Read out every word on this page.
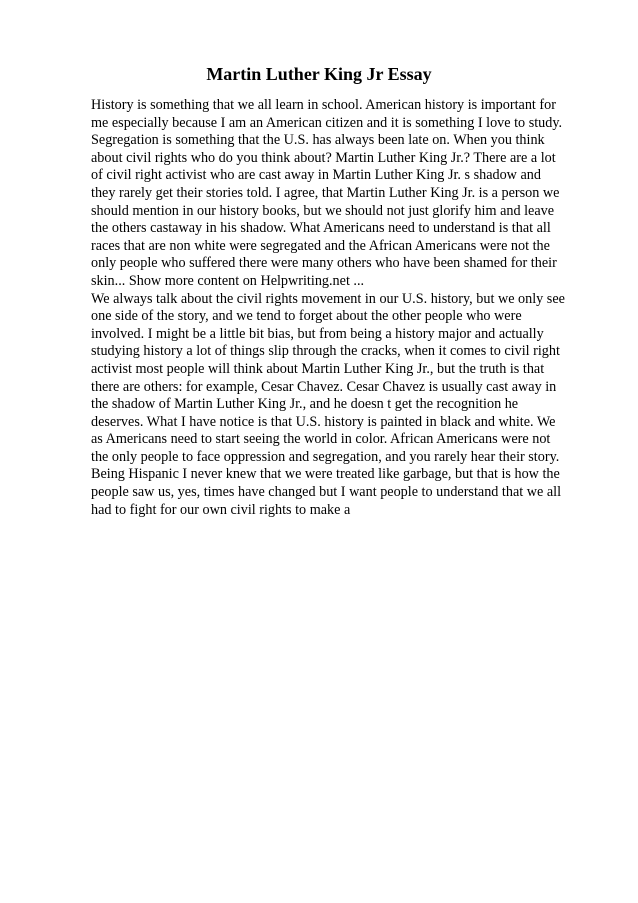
Martin Luther King Jr Essay
History is something that we all learn in school. American history is important for
me especially because I am an American citizen and it is something I love to study.
Segregation is something that the U.S. has always been late on. When you think
about civil rights who do you think about? Martin Luther King Jr.? There are a lot
of civil right activist who are cast away in Martin Luther King Jr. s shadow and
they rarely get their stories told. I agree, that Martin Luther King Jr. is a person we
should mention in our history books, but we should not just glorify him and leave
the others castaway in his shadow. What Americans need to understand is that all
races that are non white were segregated and the African Americans were not the
only people who suffered there were many others who have been shamed for their
skin... Show more content on Helpwriting.net ...
We always talk about the civil rights movement in our U.S. history, but we only see
one side of the story, and we tend to forget about the other people who were
involved. I might be a little bit bias, but from being a history major and actually
studying history a lot of things slip through the cracks, when it comes to civil right
activist most people will think about Martin Luther King Jr., but the truth is that
there are others: for example, Cesar Chavez. Cesar Chavez is usually cast away in
the shadow of Martin Luther King Jr., and he doesn t get the recognition he
deserves. What I have notice is that U.S. history is painted in black and white. We
as Americans need to start seeing the world in color. African Americans were not
the only people to face oppression and segregation, and you rarely hear their story.
Being Hispanic I never knew that we were treated like garbage, but that is how the
people saw us, yes, times have changed but I want people to understand that we all
had to fight for our own civil rights to make a
